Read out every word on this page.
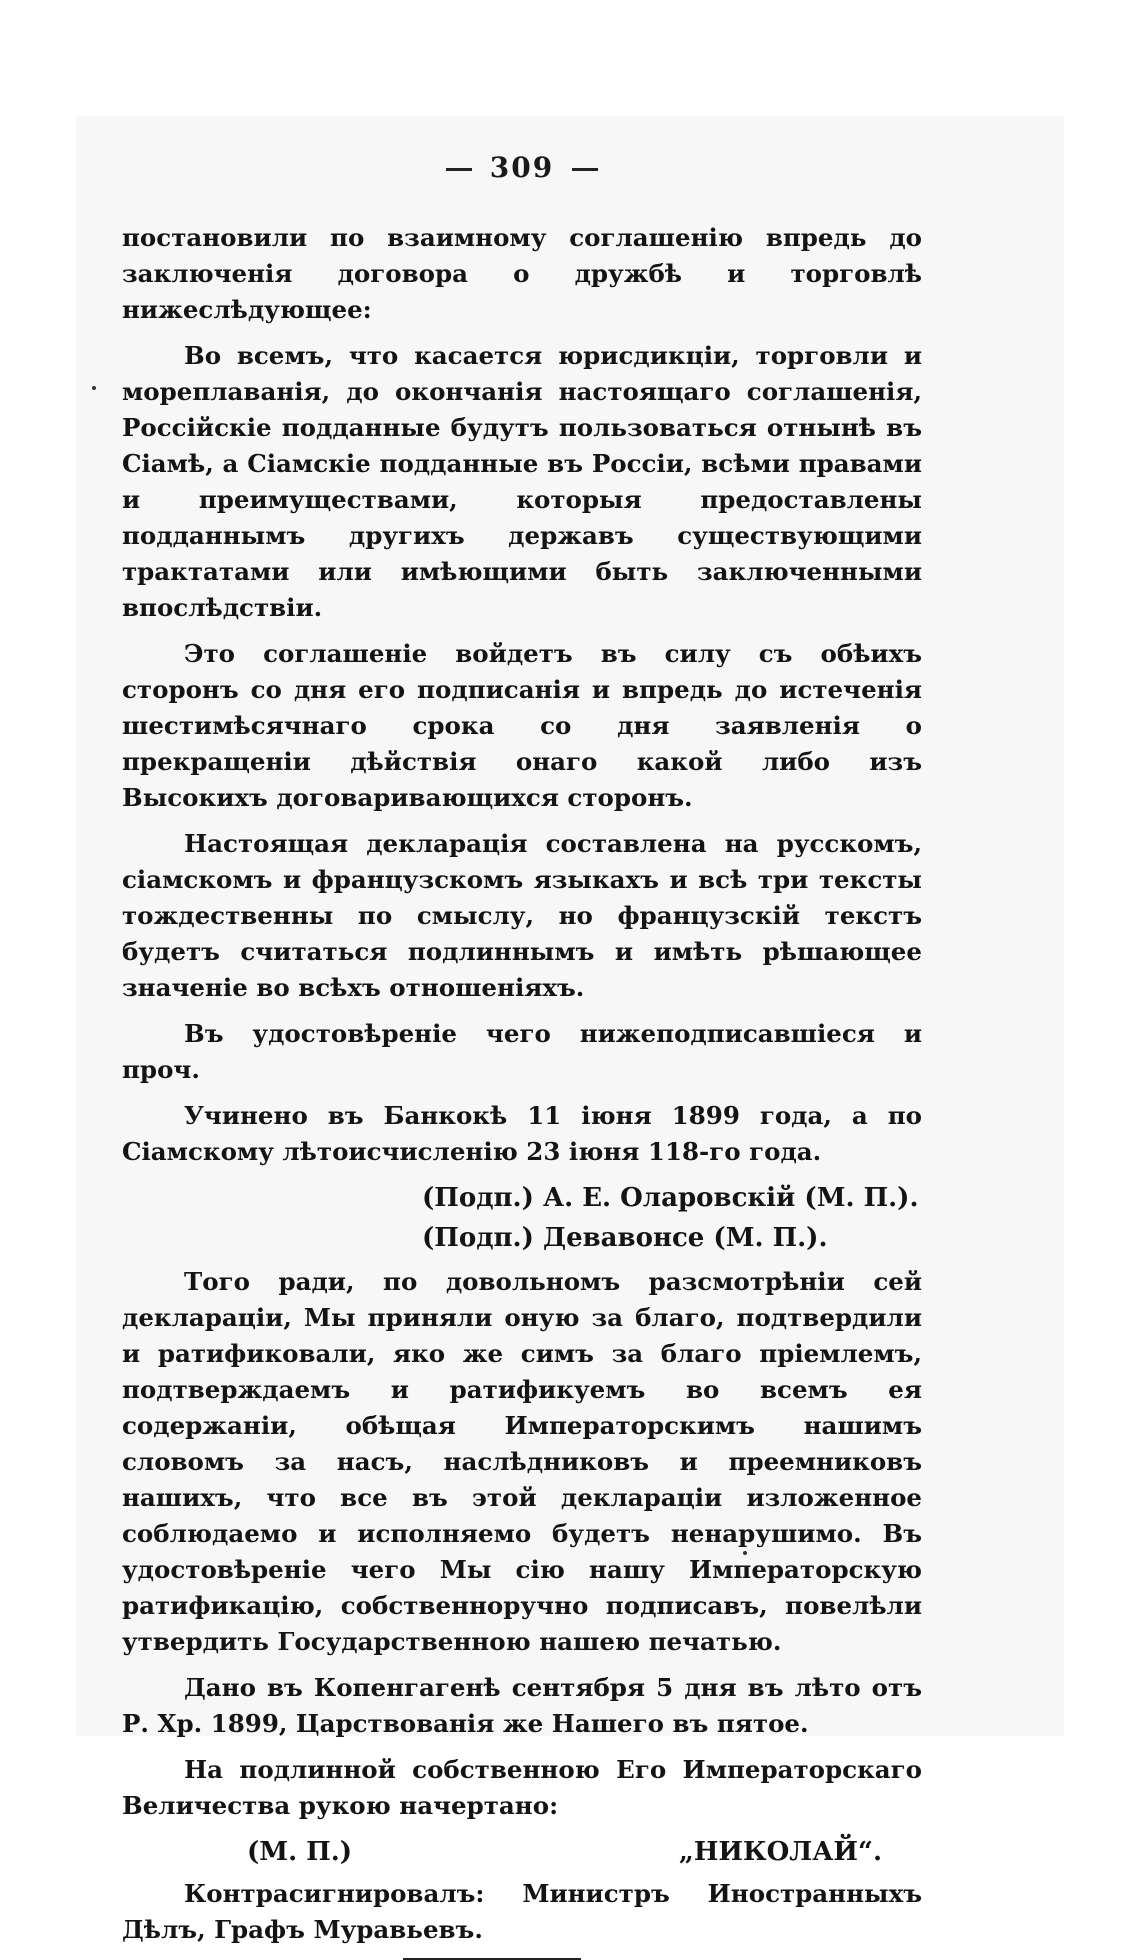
309

постановили по взаимному соглашенію впредь до заключенія договора о дружбѣ и торговлѣ нижеслѣдующее:

Во всемъ, что касается юрисдикціи, торговли и мореплаванія, до окончанія настоящаго соглашенія, Россійскіе подданные будутъ пользоваться отнынѣ въ Сіамѣ, а Сіамскіе подданные въ Россіи, всѣми правами и преимуществами, которыя предоставлены подданнымъ другихъ державъ существующими трактатами или имѣющими быть заключенными впослѣдствіи.

Это соглашеніе войдетъ въ силу съ обѣихъ сторонъ со дня его подписанія и впредь до истеченія шестимѣсячнаго срока со дня заявленія о прекращеніи дѣйствія онаго какой либо изъ Высокихъ договаривающихся сторонъ.

Настоящая декларація составлена на русскомъ, сіамскомъ и французскомъ языкахъ и всѣ три тексты тождественны по смыслу, но французскій текстъ будетъ считаться подлиннымъ и имѣть рѣшающее значеніе во всѣхъ отношеніяхъ.

Въ удостовѣреніе чего нижеподписавшіеся и проч.

Учинено въ Банкокѣ 11 іюня 1899 года, а по Сіамскому лѣтоисчисленію 23 іюня 118-го года.

(Подп.) А. Е. Оларовскій (М. П.).
(Подп.) Девавонсе (М. П.).

Того ради, по довольномъ разсмотрѣніи сей деклараціи, Мы приняли оную за благо, подтвердили и ратификовали, яко же симъ за благо пріемлемъ, подтверждаемъ и ратификуемъ во всемъ ея содержаніи, обѣщая Императорскимъ нашимъ словомъ за насъ, наслѣдниковъ и преемниковъ нашихъ, что все въ этой деклараціи изложенное соблюдаемо и исполняемо будетъ ненарушимо. Въ удостовѣреніе чего Мы сію нашу Императорскую ратификацію, собственноручно подписавъ, повелѣли утвердить Государственною нашею печатью.

Дано въ Копенгагенѣ сентября 5 дня въ лѣто отъ Р. Хр. 1899, Царствованія же Нашего въ пятое.

На подлинной собственною Его Императорскаго Величества рукою начертано:

(М. П.)	„НИКОЛАЙ“.

Контрасигнировалъ: Министръ Иностранныхъ Дѣлъ, Графъ Муравьевъ.
